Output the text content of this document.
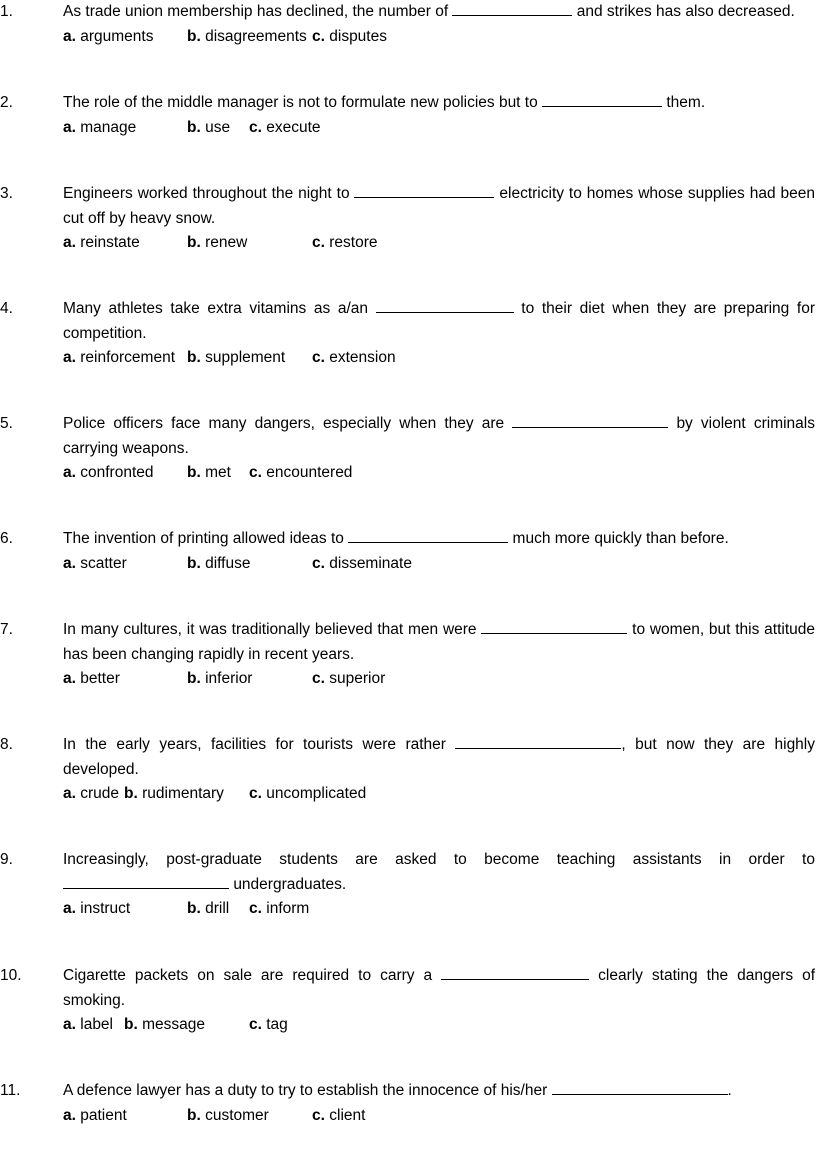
1.	As trade union membership has declined, the number of	and strikes has also decreased.
a. arguments b. disagreements c. disputes
2.	The role of the middle manager is not to formulate new policies but to	them.
a. manage	b. use c. execute
3.	Engineers worked throughout the night to	electricity to homes whose supplies had been cut off by heavy snow.
a. reinstate	b. renew	c. restore
4.	Many athletes take extra vitamins as a/an	to their diet when they are preparing for competition.
a. reinforcement b. supplement c. extension
5.	Police officers face many dangers, especially when they are	by violent criminals carrying weapons.
a. confronted b. met c. encountered
6.	The invention of printing allowed ideas to	much more quickly than before.
a. scatter	b. diffuse	c. disseminate
7.	In many cultures, it was traditionally believed that men were	to women, but this attitude has been changing rapidly in recent years.
a. better	b. inferior	c. superior
8.	In the early years, facilities for tourists were rather	, but now they are highly developed.
a. crude b. rudimentary c. uncomplicated
9.	Increasingly, post-graduate students are asked to become teaching assistants in order to  undergraduates.
a. instruct	b. drill c. inform
10.	Cigarette packets on sale are required to carry a	clearly stating the dangers of smoking.
a. label b. message	c. tag
11.	A defence lawyer has a duty to try to establish the innocence of his/her	.
a. patient	b. customer	c. client
